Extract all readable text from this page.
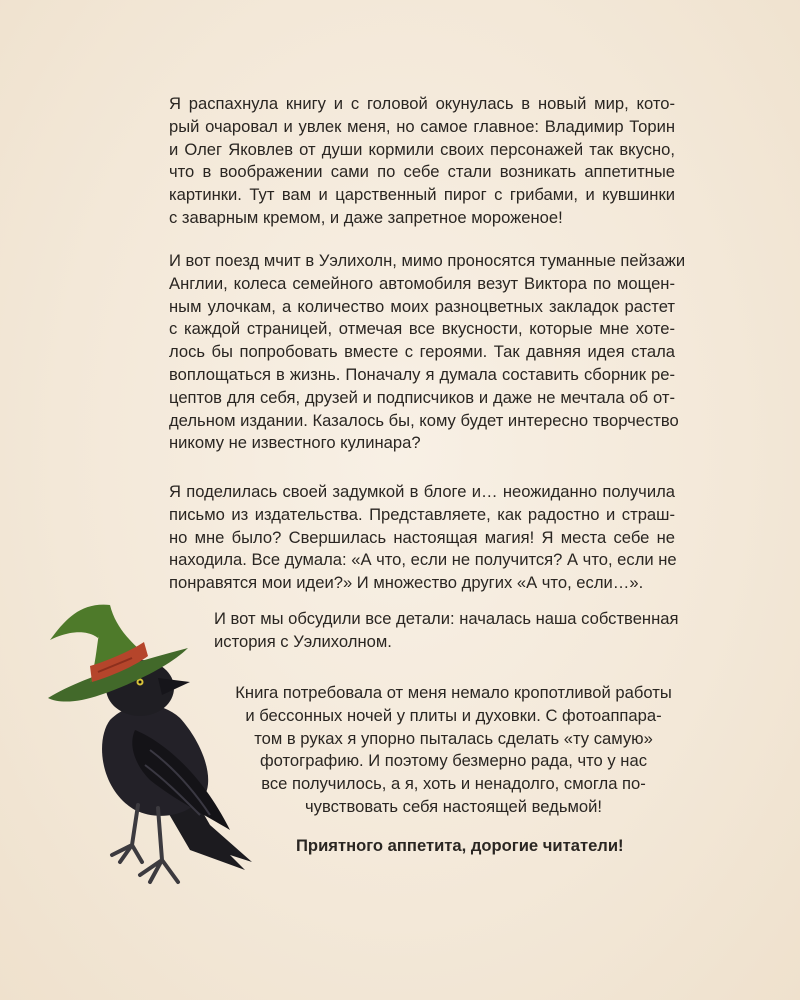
Я распахнула книгу и с головой окунулась в новый мир, кото-
рый очаровал и увлек меня, но самое главное: Владимир Торин
и Олег Яковлев от души кормили своих персонажей так вкусно,
что в воображении сами по себе стали возникать аппетитные
картинки. Тут вам и царственный пирог с грибами, и кувшинки
с заварным кремом, и даже запретное мороженое!
И вот поезд мчит в Уэлихолн, мимо проносятся туманные пейзажи
Англии, колеса семейного автомобиля везут Виктора по мощен-
ным улочкам, а количество моих разноцветных закладок растет
с каждой страницей, отмечая все вкусности, которые мне хоте-
лось бы попробовать вместе с героями. Так давняя идея стала
воплощаться в жизнь. Поначалу я думала составить сборник ре-
цептов для себя, друзей и подписчиков и даже не мечтала об от-
дельном издании. Казалось бы, кому будет интересно творчество
никому не известного кулинара?
Я поделилась своей задумкой в блоге и… неожиданно получила
письмо из издательства. Представляете, как радостно и страш-
но мне было? Свершилась настоящая магия! Я места себе не
находила. Все думала: «А что, если не получится? А что, если не
понравятся мои идеи?» И множество других «А что, если…».
И вот мы обсудили все детали: началась наша собственная
история с Уэлихолном.
Книга потребовала от меня немало кропотливой работы
и бессонных ночей у плиты и духовки. С фотоаппара-
том в руках я упорно пыталась сделать «ту самую»
фотографию. И поэтому безмерно рада, что у нас
все получилось, а я, хоть и ненадолго, смогла по-
чувствовать себя настоящей ведьмой!
Приятного аппетита, дорогие читатели!
